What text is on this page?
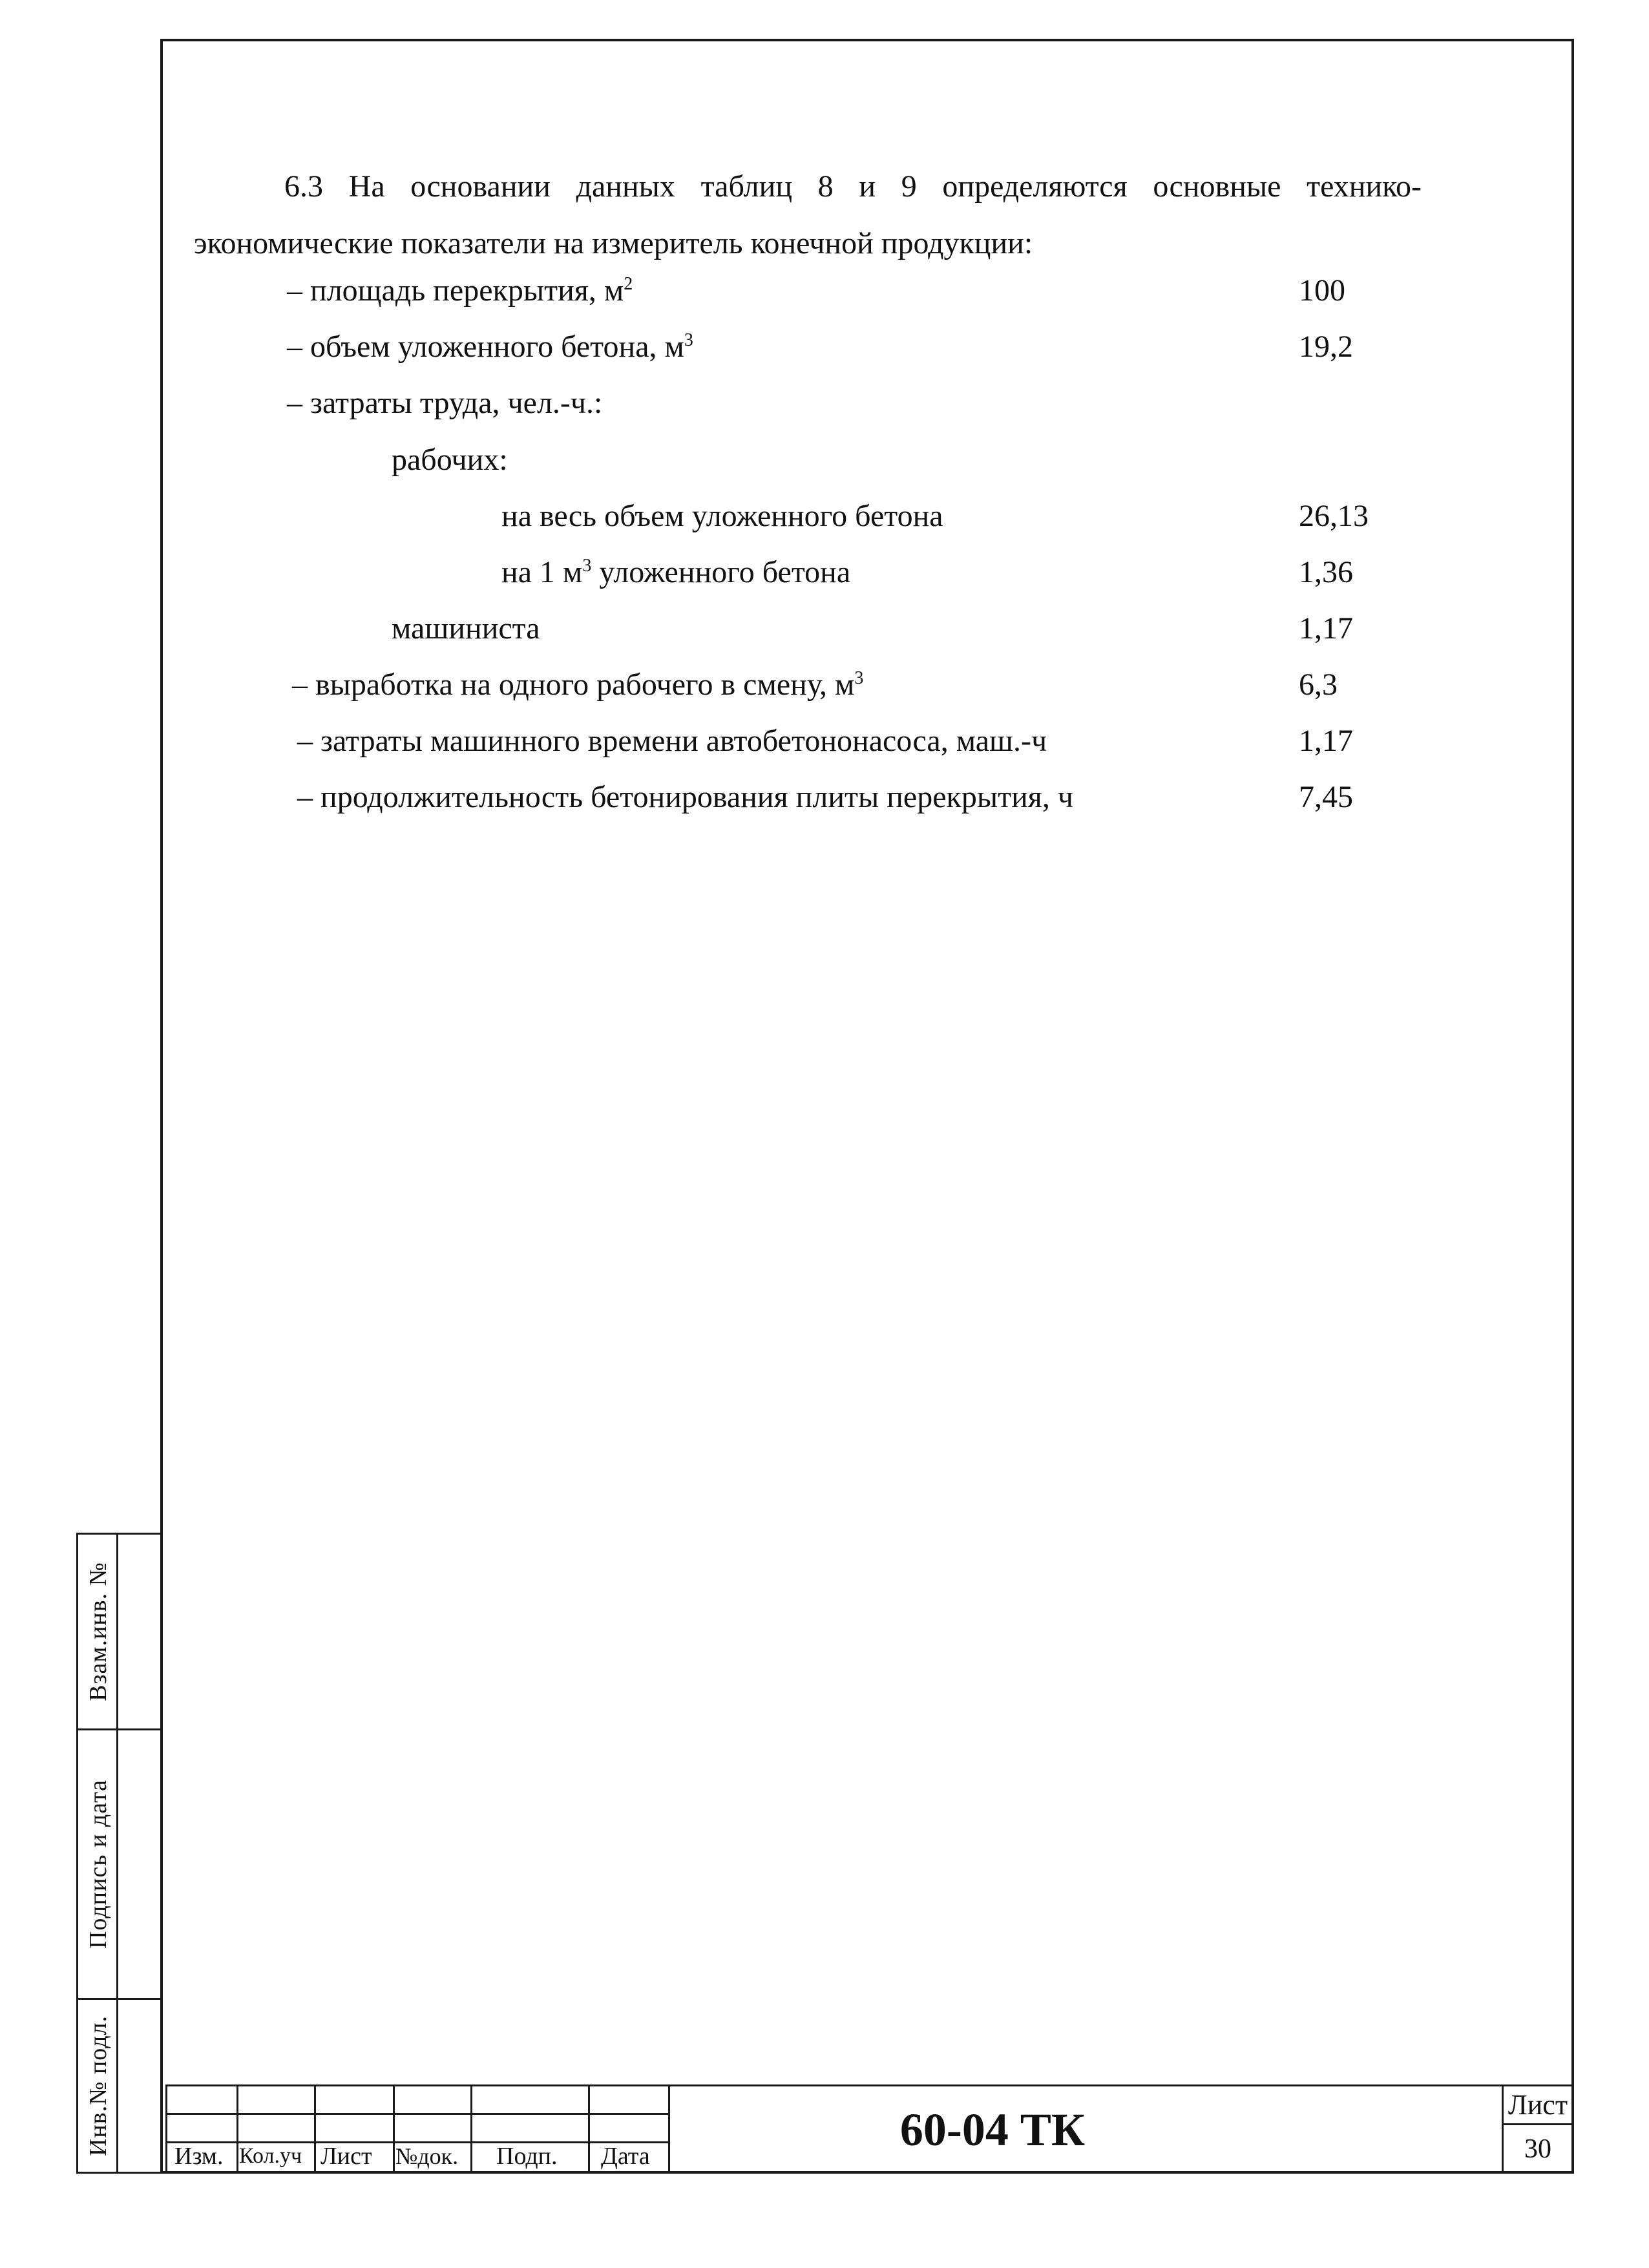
6.3 На основании данных таблиц 8 и 9 определяются основные технико-экономические показатели на измеритель конечной продукции:
– площадь перекрытия, $м^2$	100
– объем уложенного бетона, $м^3$	19,2
– затраты труда, чел.-ч.:
рабочих:
на весь объем уложенного бетона	26,13
на 1 $м^3$ уложенного бетона	1,36
машиниста	1,17
– выработка на одного рабочего в смену, $м^3$	6,3
– затраты машинного времени автобетононасоса, маш.-ч	1,17
– продолжительность бетонирования плиты перекрытия, ч	7,45
Взам.инв. №
Подпись и дата
Инв.№ подл.	Изм. Кол.уч Лист №док. Подп. Дата
60-04 ТК	Лист
30
